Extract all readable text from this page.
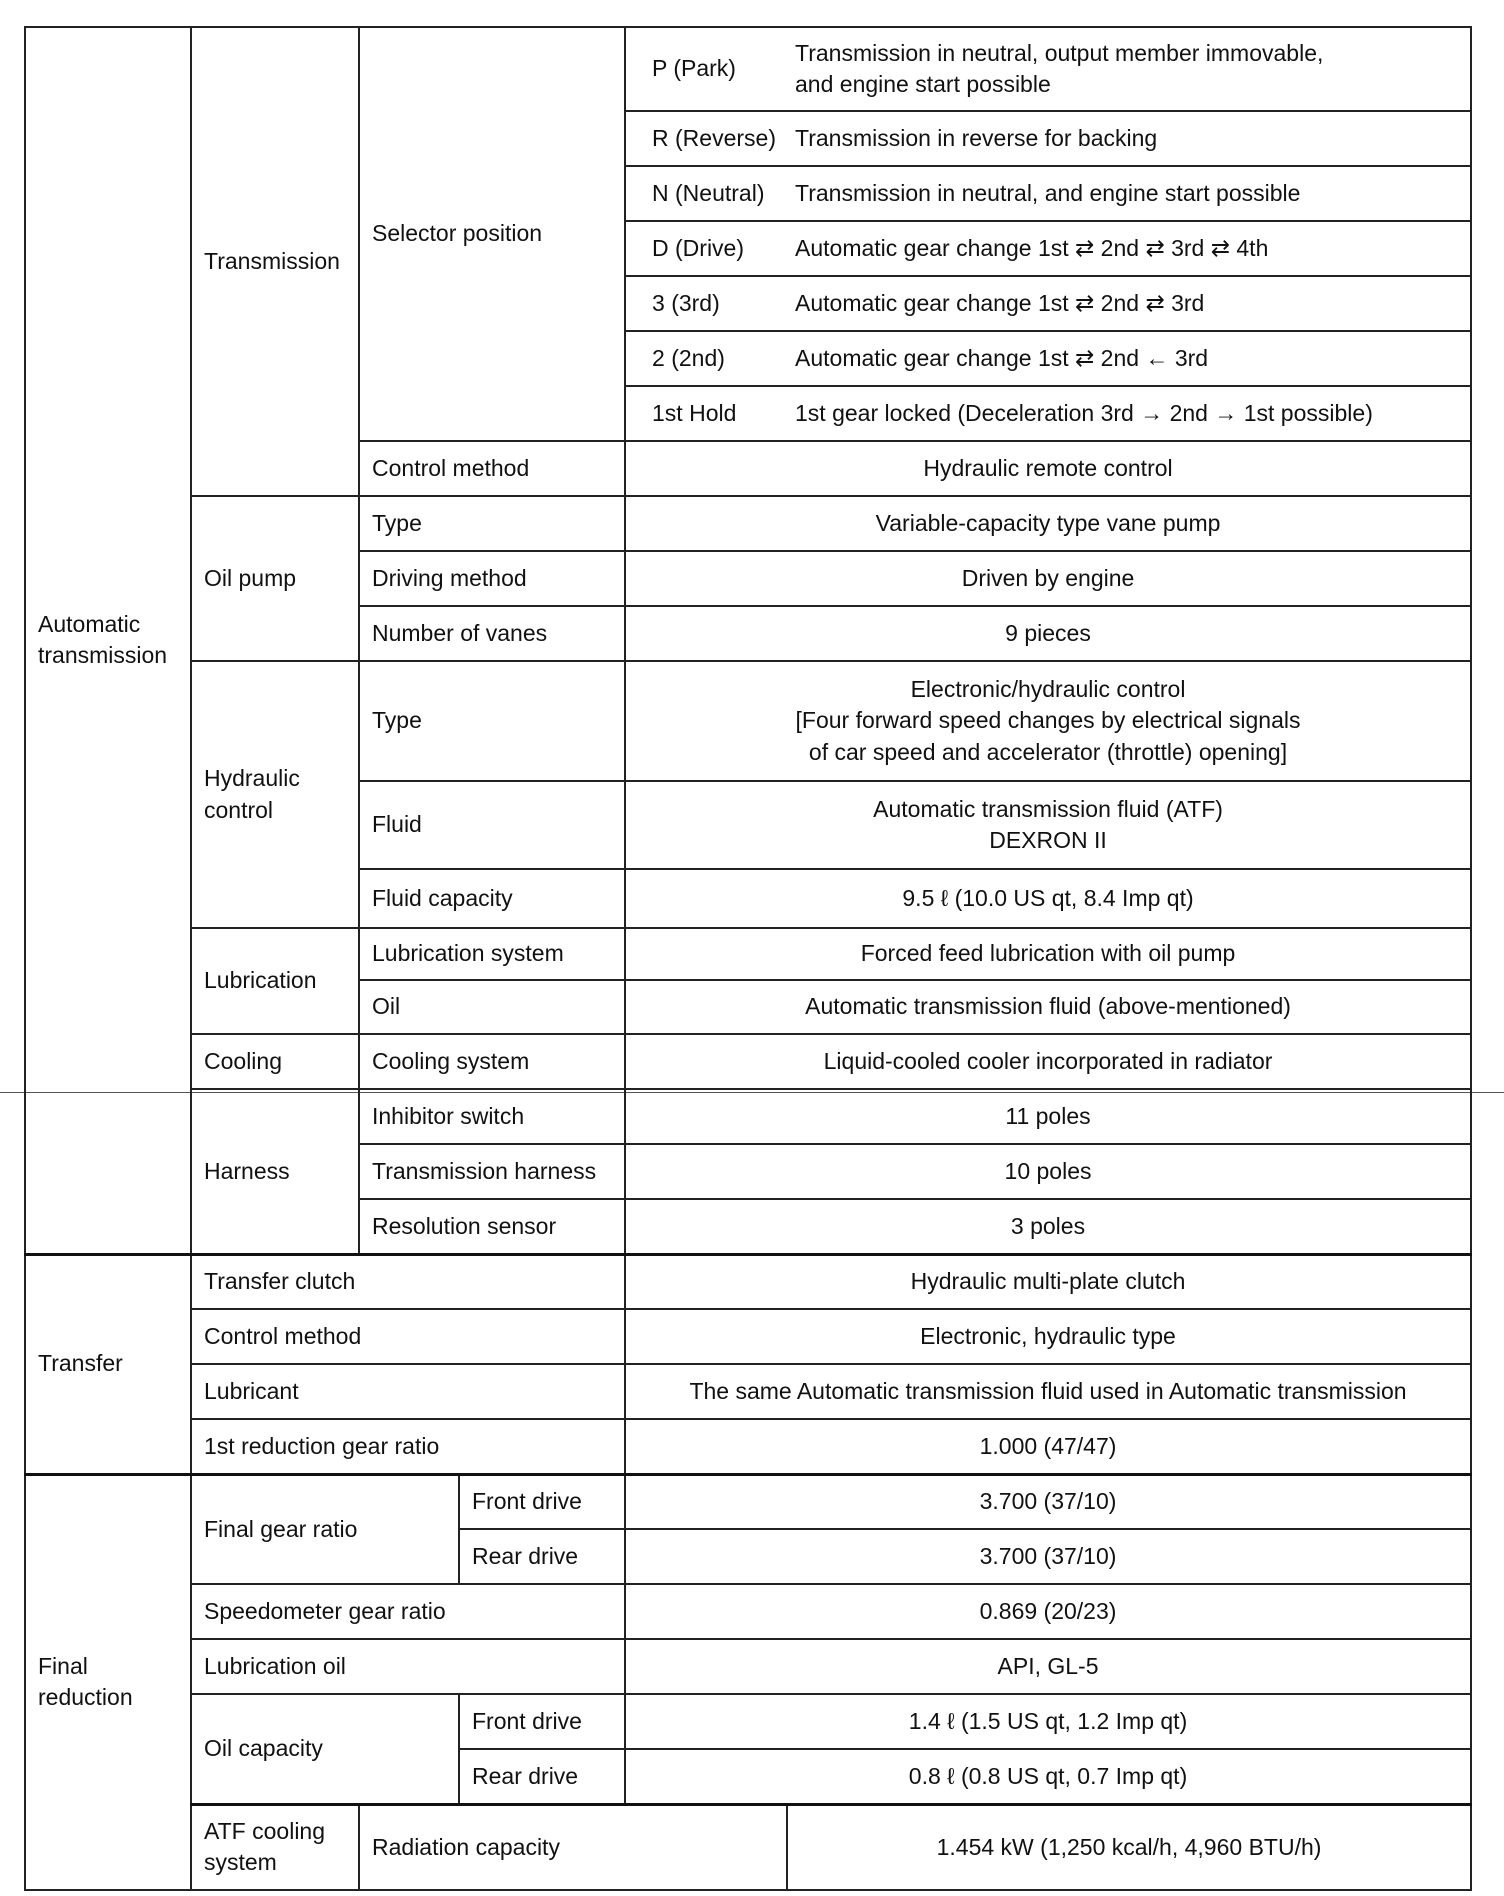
Automatic transmission	Transmission	Selector position		P (Park)	Transmission in neutral, output member immovable,
and engine start possible

				R (Reverse)	Transmission in reverse for backing
				N (Neutral)	Transmission in neutral, and engine start possible
				D (Drive)	Automatic gear change 1st ⇄ 2nd ⇄ 3rd ⇄ 4th
				3 (3rd)	Automatic gear change 1st ⇄ 2nd ⇄ 3rd
				2 (2nd)	Automatic gear change 1st ⇄ 2nd ← 3rd
				1st Hold	1st gear locked (Deceleration 3rd → 2nd → 1st possible)
		Control method		Hydraulic remote control	
	Oil pump	Type		Variable-capacity type vane pump	
		Driving method		Driven by engine	
		Number of vanes		9 pieces	
	Hydraulic control	Type		Electronic/hydraulic control
[Four forward speed changes by electrical signals
of car speed and accelerator (throttle) opening]	

		Fluid		Automatic transmission fluid (ATF)
DEXRON II	

		Fluid capacity		9.5 ℓ (10.0 US qt, 8.4 Imp qt)	
	Lubrication	Lubrication system		Forced feed lubrication with oil pump	
		Oil		Automatic transmission fluid (above-mentioned)	
	Cooling	Cooling system		Liquid-cooled cooler incorporated in radiator	
	Harness	Inhibitor switch		11 poles	
		Transmission harness		10 poles	
		Resolution sensor		3 poles	
Transfer	Transfer clutch			Hydraulic multi-plate clutch	
	Control method			Electronic, hydraulic type	
	Lubricant			The same Automatic transmission fluid used in Automatic transmission	
	1st reduction gear ratio			1.000 (47/47)	
Final reduction	Final gear ratio		Front drive	3.700 (37/10)	
			Rear drive	3.700 (37/10)	
	Speedometer gear ratio			0.869 (20/23)	
	Lubrication oil			API, GL-5	
	Oil capacity		Front drive	1.4 ℓ (1.5 US qt, 1.2 Imp qt)	
			Rear drive	0.8 ℓ (0.8 US qt, 0.7 Imp qt)	
	ATF cooling system	Radiation capacity			1.454 kW (1,250 kcal/h, 4,960 BTU/h)
